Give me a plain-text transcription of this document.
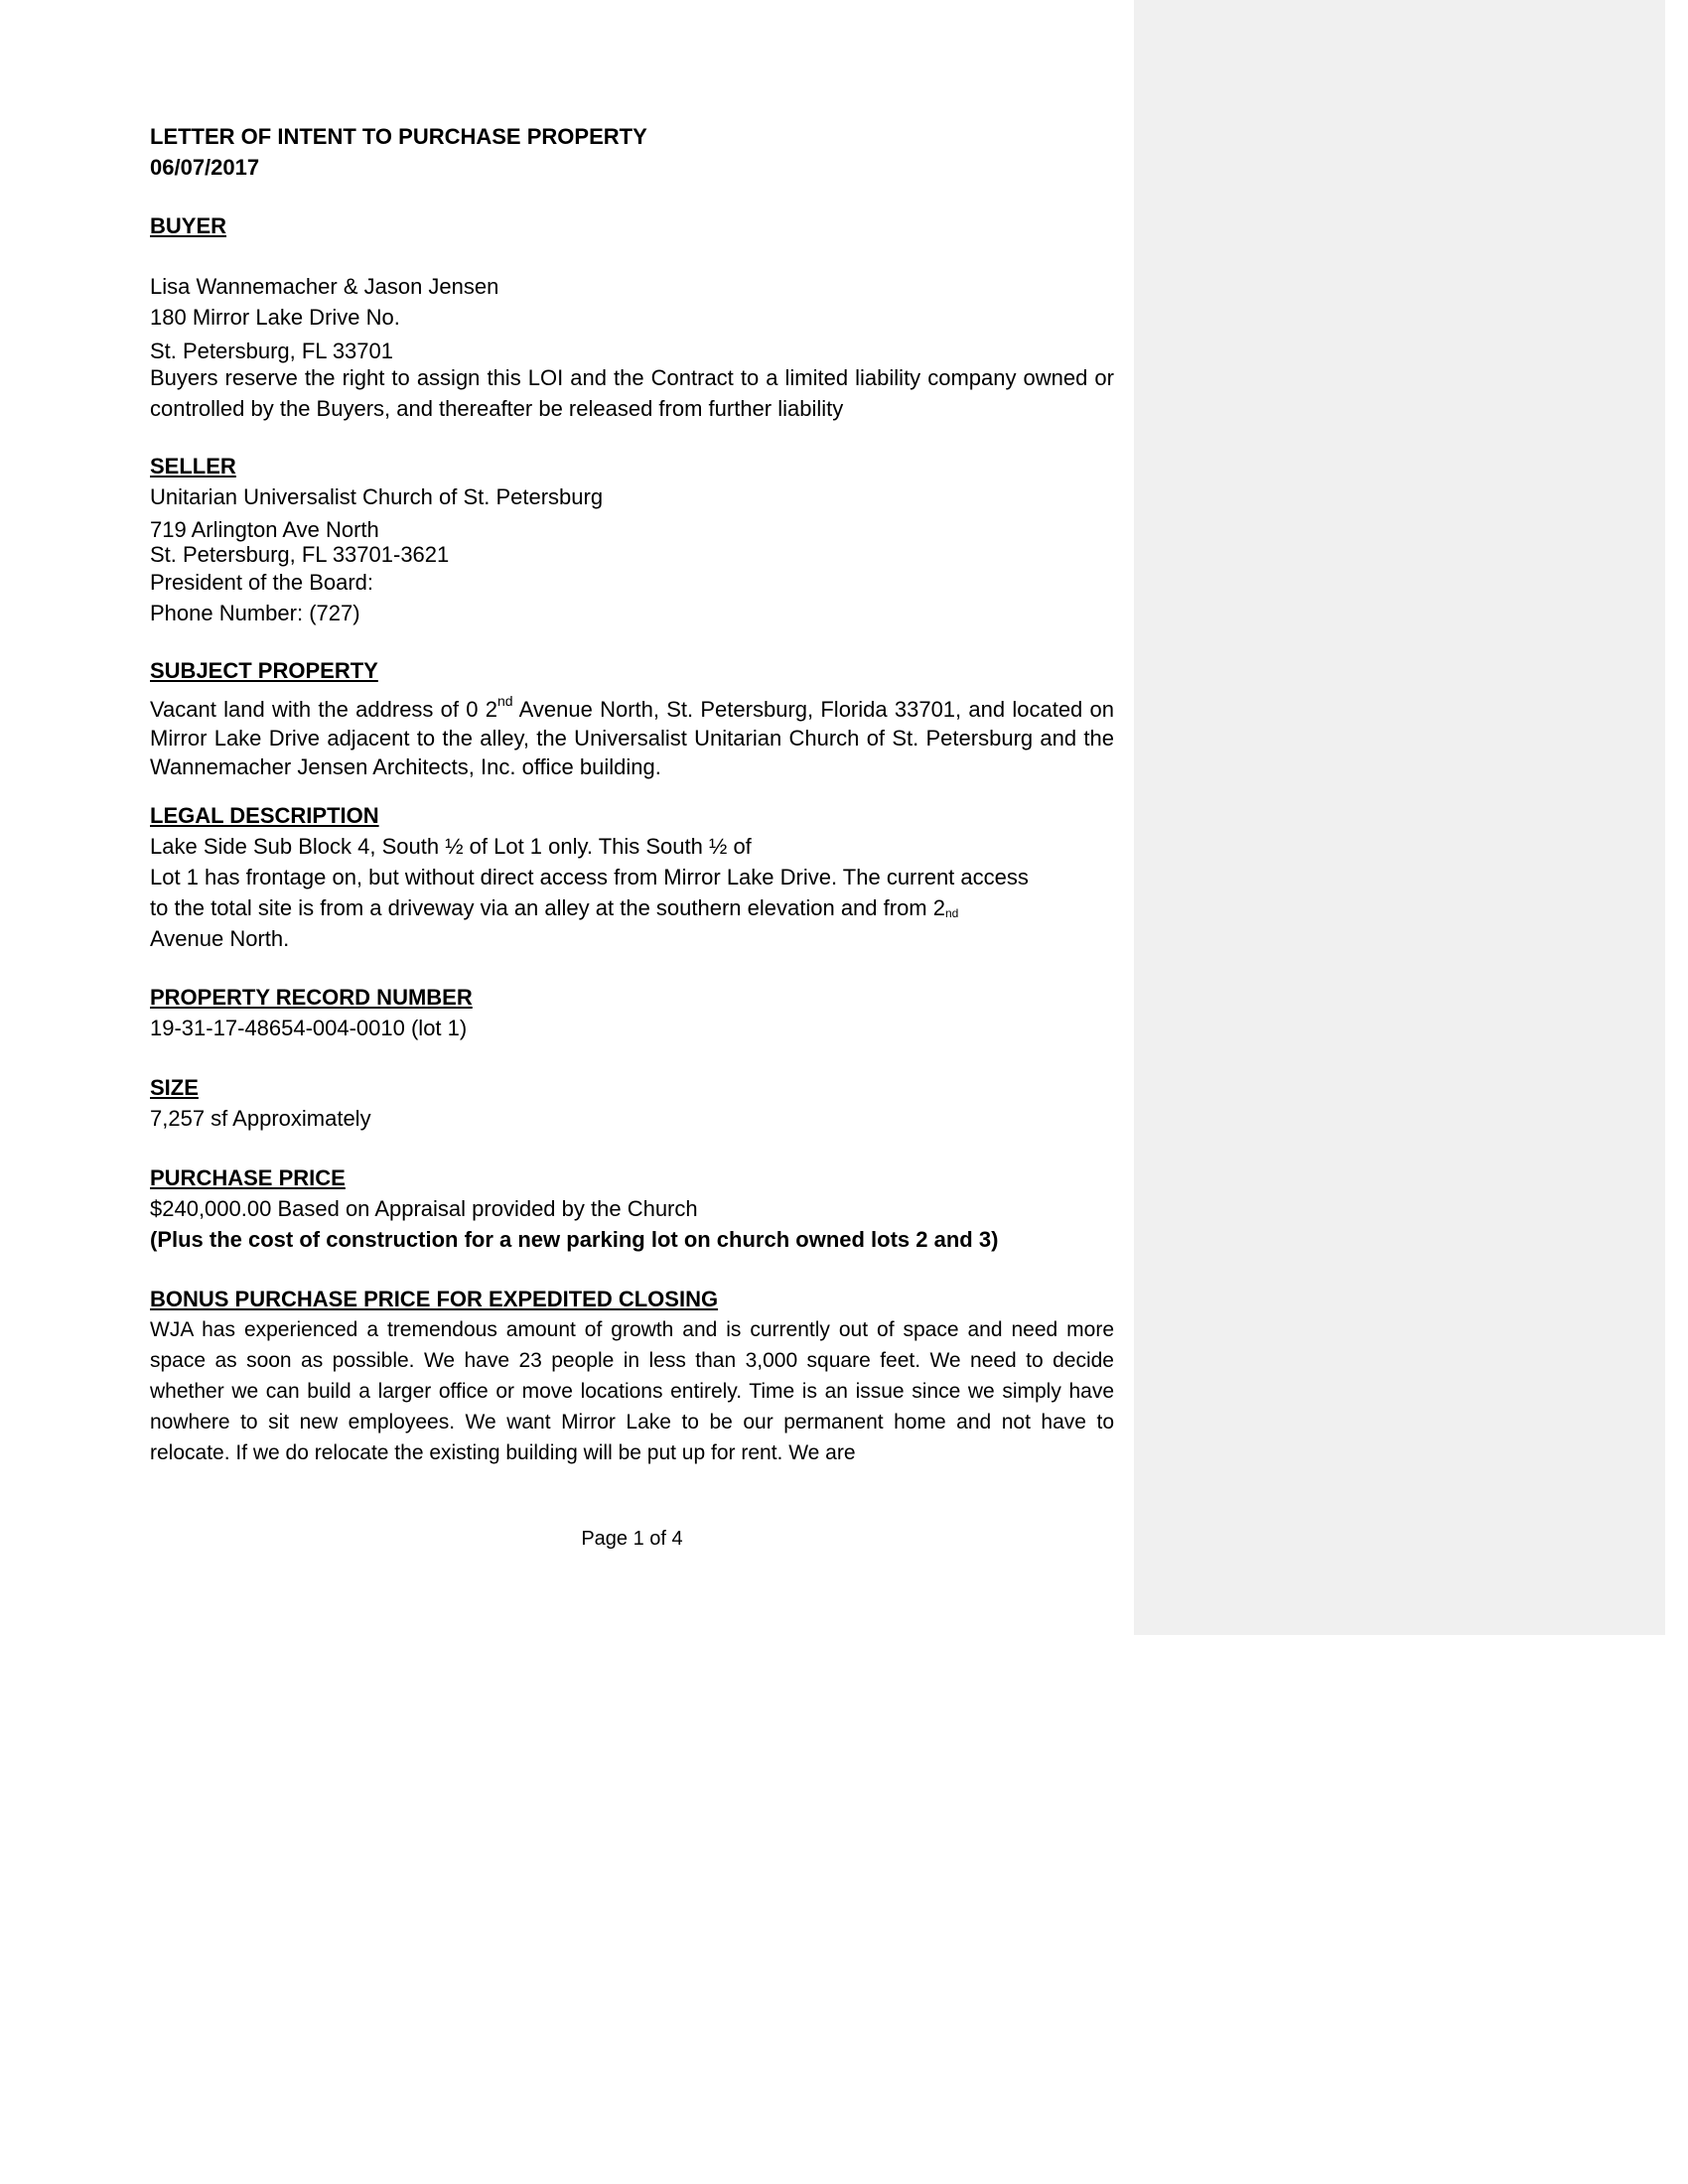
LETTER OF INTENT TO PURCHASE PROPERTY
06/07/2017
BUYER
Lisa Wannemacher & Jason Jensen
180 Mirror Lake Drive No.
St. Petersburg, FL 33701
Buyers reserve the right to assign this LOI and the Contract to a limited liability company owned or controlled by the Buyers, and thereafter be released from further liability
SELLER
Unitarian Universalist Church of St. Petersburg
719 Arlington Ave North
St. Petersburg, FL 33701-3621
President of the Board:
Phone Number: (727)
SUBJECT PROPERTY
Vacant land with the address of 0 2nd Avenue North, St. Petersburg, Florida 33701, and located on Mirror Lake Drive adjacent to the alley, the Universalist Unitarian Church of St. Petersburg and the Wannemacher Jensen Architects, Inc. office building.
LEGAL DESCRIPTION
Lake Side Sub Block 4, South ½ of Lot 1 only. This South ½ of
Lot 1 has frontage on, but without direct access from Mirror Lake Drive. The current access
to the total site is from a driveway via an alley at the southern elevation and from $2_{nd}$
Avenue North.
PROPERTY RECORD NUMBER
19-31-17-48654-004-0010 (lot 1)
SIZE
7,257 sf Approximately
PURCHASE PRICE
$240,000.00 Based on Appraisal provided by the Church
(Plus the cost of construction for a new parking lot on church owned lots 2 and 3)
BONUS PURCHASE PRICE FOR EXPEDITED CLOSING
WJA has experienced a tremendous amount of growth and is currently out of space and need more space as soon as possible. We have 23 people in less than 3,000 square feet. We need to decide whether we can build a larger office or move locations entirely. Time is an issue since we simply have nowhere to sit new employees. We want Mirror Lake to be our permanent home and not have to relocate. If we do relocate the existing building will be put up for rent. We are
Page 1 of 4
